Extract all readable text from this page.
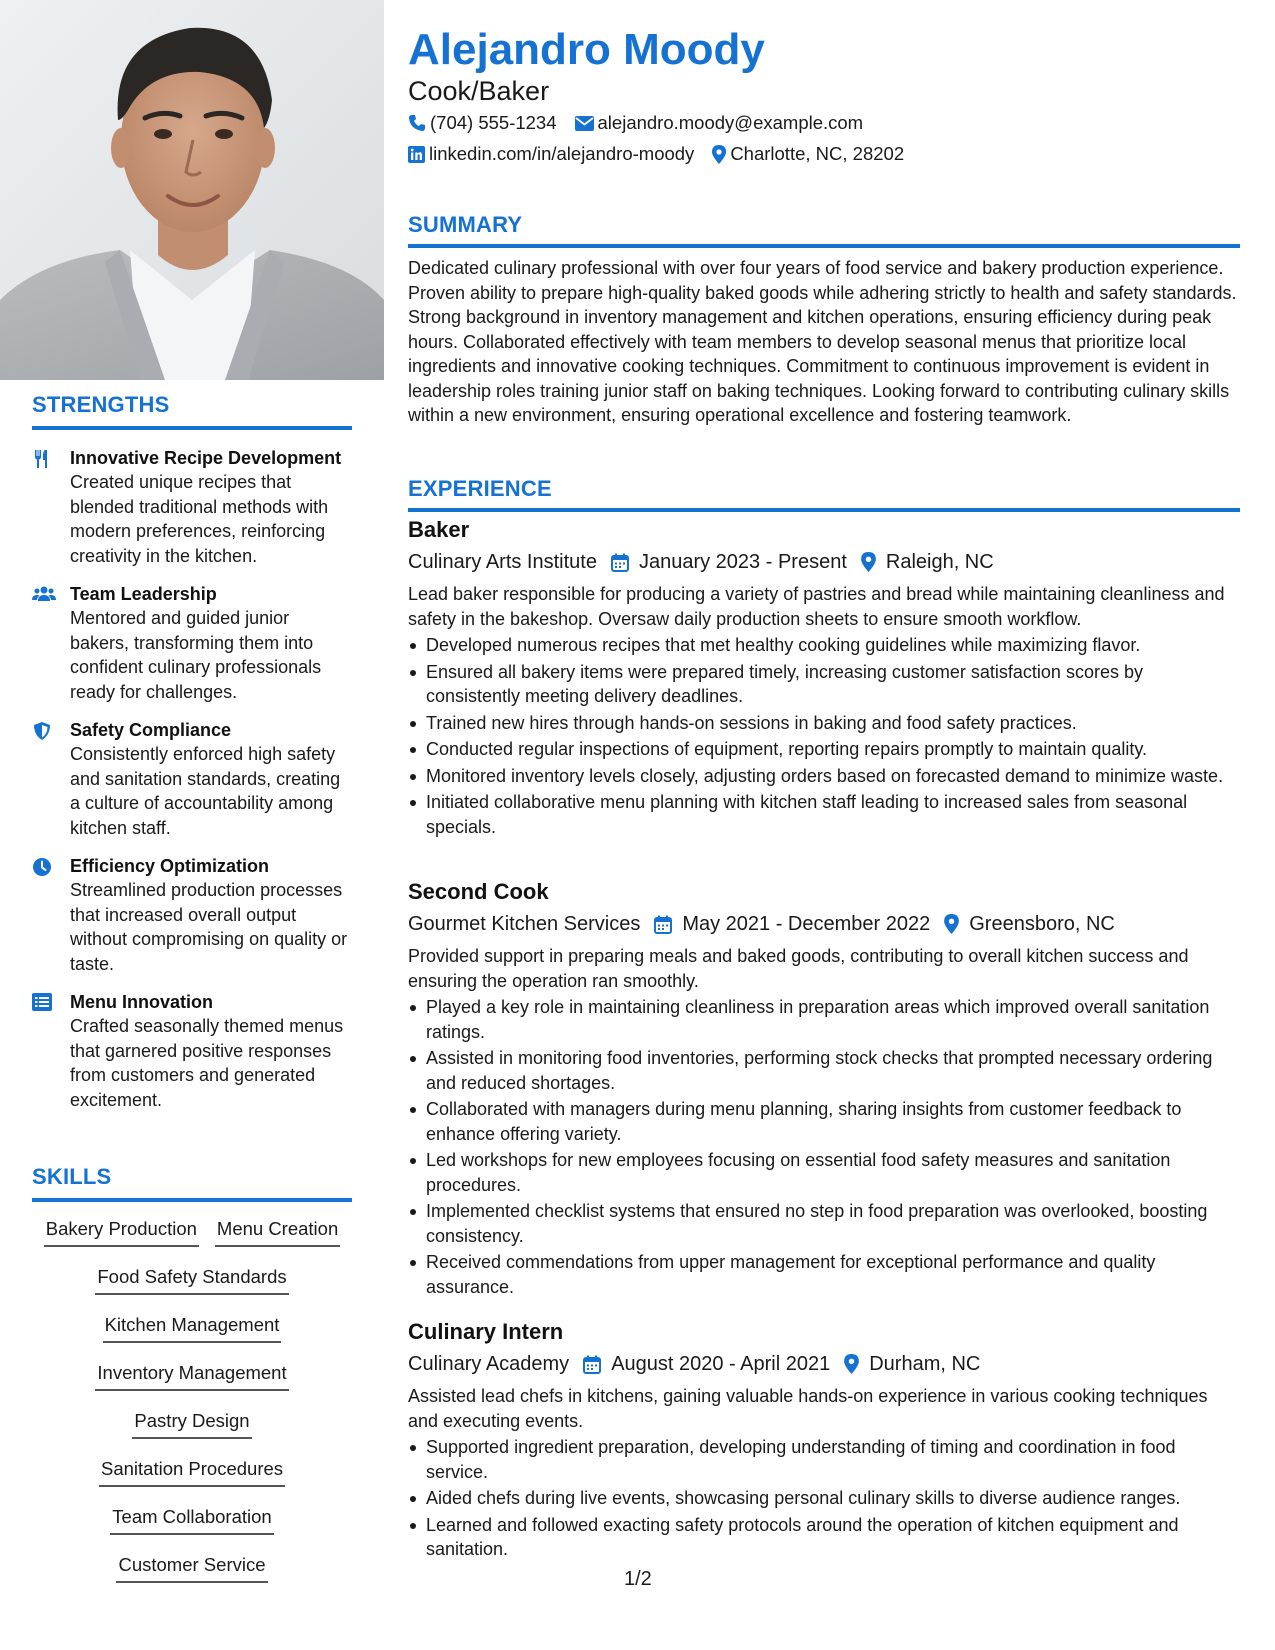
STRENGTHS
Innovative Recipe Development
Created unique recipes that blended traditional methods with modern preferences, reinforcing creativity in the kitchen.
Team Leadership
Mentored and guided junior bakers, transforming them into confident culinary professionals ready for challenges.
Safety Compliance
Consistently enforced high safety and sanitation standards, creating a culture of accountability among kitchen staff.
Efficiency Optimization
Streamlined production processes that increased overall output without compromising on quality or taste.
Menu Innovation
Crafted seasonally themed menus that garnered positive responses from customers and generated excitement.
SKILLS
Bakery Production Menu Creation
Food Safety Standards
Kitchen Management
Inventory Management
Pastry Design
Sanitation Procedures
Team Collaboration
Customer Service
Alejandro Moody
Cook/Baker
(704) 555-1234 alejandro.moody@example.com
linkedin.com/in/alejandro-moody Charlotte, NC, 28202
SUMMARY
Dedicated culinary professional with over four years of food service and bakery production experience. Proven ability to prepare high-quality baked goods while adhering strictly to health and safety standards. Strong background in inventory management and kitchen operations, ensuring efficiency during peak hours. Collaborated effectively with team members to develop seasonal menus that prioritize local ingredients and innovative cooking techniques. Commitment to continuous improvement is evident in leadership roles training junior staff on baking techniques. Looking forward to contributing culinary skills within a new environment, ensuring operational excellence and fostering teamwork.
EXPERIENCE
Baker
Culinary Arts Institute January 2023 - Present Raleigh, NC
Lead baker responsible for producing a variety of pastries and bread while maintaining cleanliness and safety in the bakeshop. Oversaw daily production sheets to ensure smooth workflow.
Developed numerous recipes that met healthy cooking guidelines while maximizing flavor.
Ensured all bakery items were prepared timely, increasing customer satisfaction scores by consistently meeting delivery deadlines.
Trained new hires through hands-on sessions in baking and food safety practices.
Conducted regular inspections of equipment, reporting repairs promptly to maintain quality.
Monitored inventory levels closely, adjusting orders based on forecasted demand to minimize waste.
Initiated collaborative menu planning with kitchen staff leading to increased sales from seasonal specials.
Second Cook
Gourmet Kitchen Services May 2021 - December 2022 Greensboro, NC
Provided support in preparing meals and baked goods, contributing to overall kitchen success and ensuring the operation ran smoothly.
Played a key role in maintaining cleanliness in preparation areas which improved overall sanitation ratings.
Assisted in monitoring food inventories, performing stock checks that prompted necessary ordering and reduced shortages.
Collaborated with managers during menu planning, sharing insights from customer feedback to enhance offering variety.
Led workshops for new employees focusing on essential food safety measures and sanitation procedures.
Implemented checklist systems that ensured no step in food preparation was overlooked, boosting consistency.
Received commendations from upper management for exceptional performance and quality assurance.
Culinary Intern
Culinary Academy August 2020 - April 2021 Durham, NC
Assisted lead chefs in kitchens, gaining valuable hands-on experience in various cooking techniques and executing events.
Supported ingredient preparation, developing understanding of timing and coordination in food service.
Aided chefs during live events, showcasing personal culinary skills to diverse audience ranges.
Learned and followed exacting safety protocols around the operation of kitchen equipment and sanitation.
1/2
